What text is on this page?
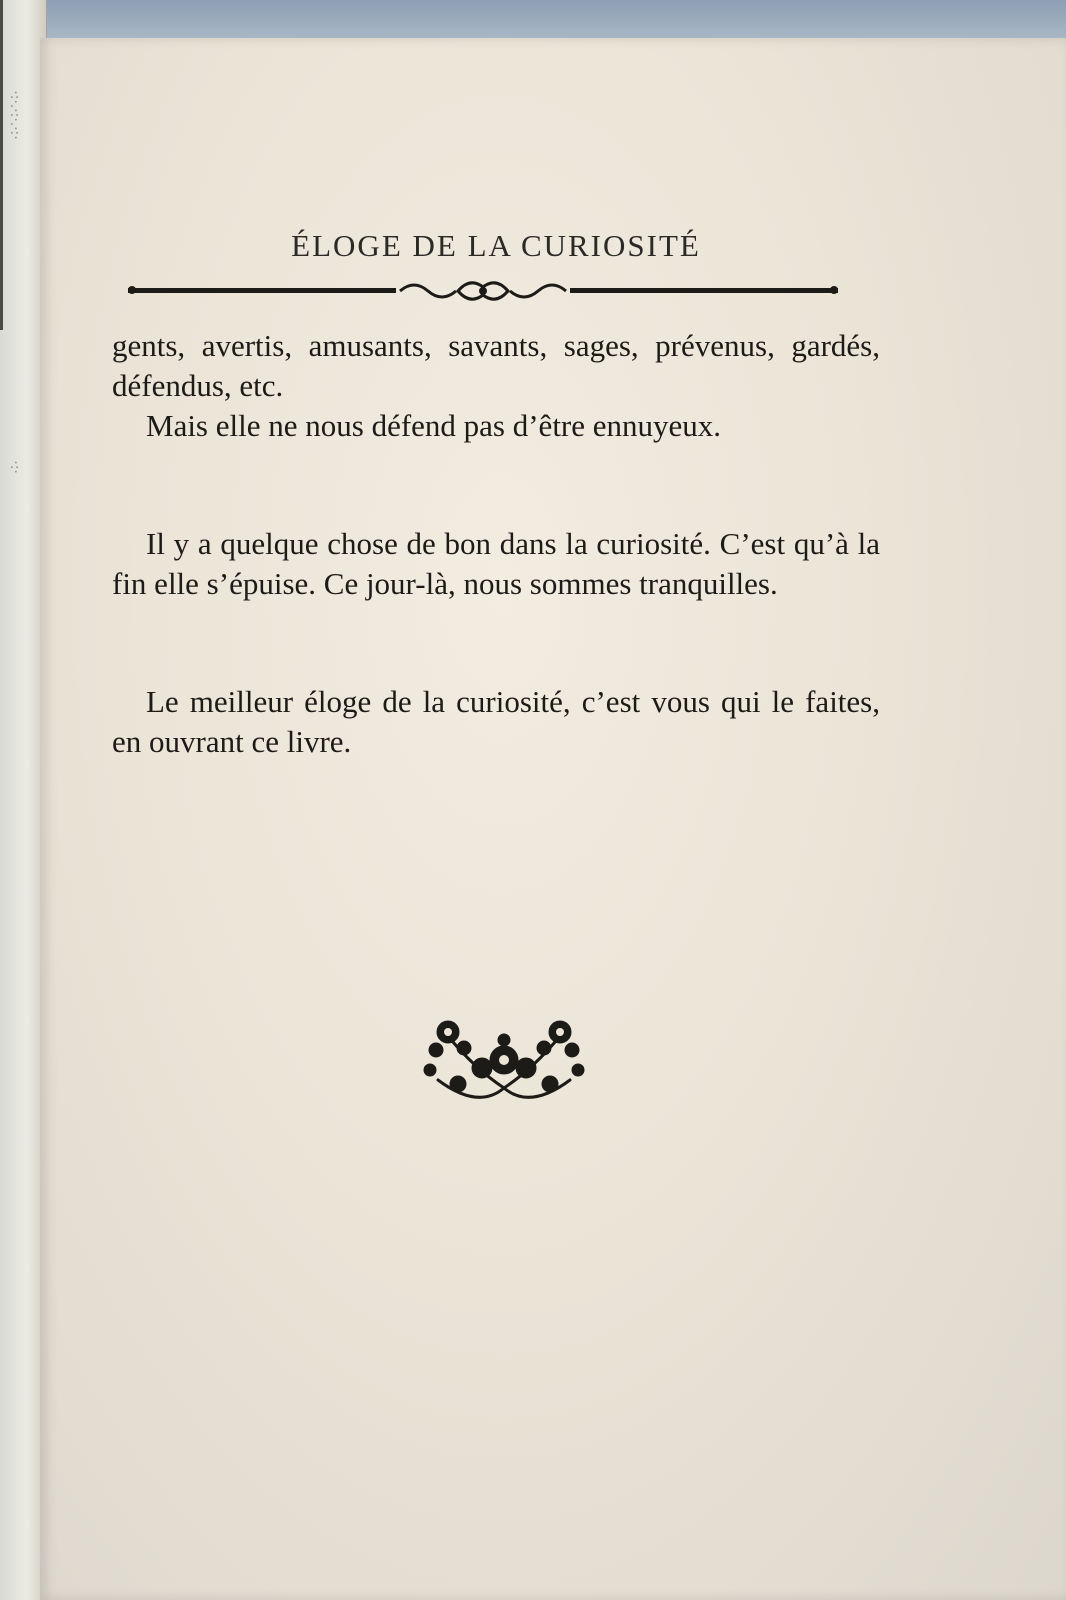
·:·.·:·.·:·
·:·
ÉLOGE DE LA CURIOSITÉ

gents, avertis, amusants, savants, sages, prévenus, gardés, défendus, etc.

Mais elle ne nous défend pas d’être ennuyeux.

Il y a quelque chose de bon dans la curiosité. C’est qu’à la fin elle s’épuise. Ce jour-là, nous sommes tranquilles.

Le meilleur éloge de la curiosité, c’est vous qui le faites, en ouvrant ce livre.
